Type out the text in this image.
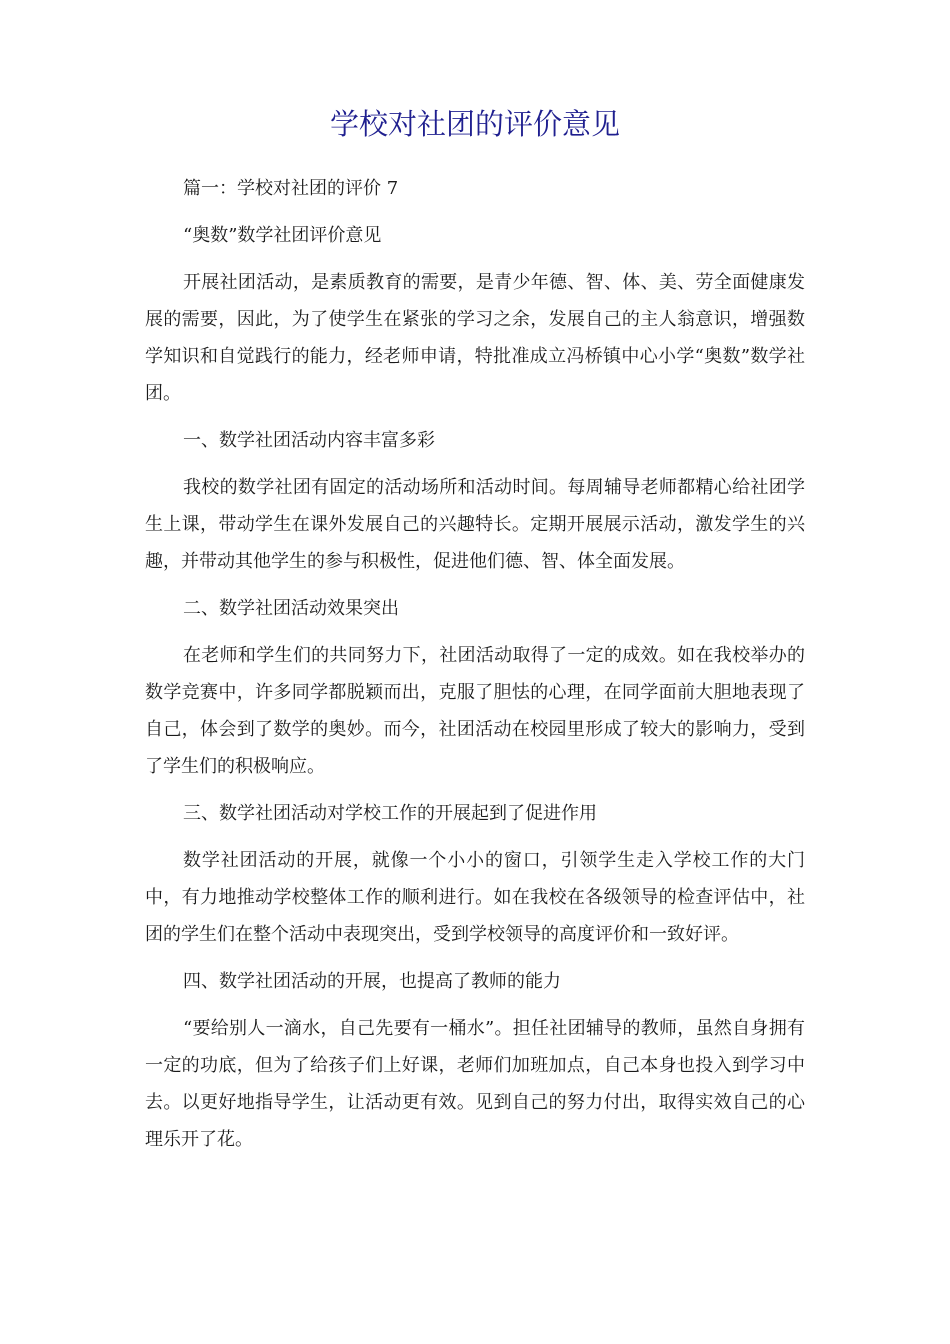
学校对社团的评价意见

篇一：学校对社团的评价 7

“奥数”数学社团评价意见

开展社团活动，是素质教育的需要，是青少年德、智、体、美、劳全面健康发展的需要，因此，为了使学生在紧张的学习之余，发展自己的主人翁意识，增强数学知识和自觉践行的能力，经老师申请，特批准成立冯桥镇中心小学“奥数”数学社团。

一、数学社团活动内容丰富多彩

我校的数学社团有固定的活动场所和活动时间。每周辅导老师都精心给社团学生上课，带动学生在课外发展自己的兴趣特长。定期开展展示活动，激发学生的兴趣，并带动其他学生的参与积极性，促进他们德、智、体全面发展。

二、数学社团活动效果突出

在老师和学生们的共同努力下，社团活动取得了一定的成效。如在我校举办的数学竞赛中，许多同学都脱颖而出，克服了胆怯的心理，在同学面前大胆地表现了自己，体会到了数学的奥妙。而今，社团活动在校园里形成了较大的影响力，受到了学生们的积极响应。

三、数学社团活动对学校工作的开展起到了促进作用

数学社团活动的开展，就像一个小小的窗口，引领学生走入学校工作的大门中，有力地推动学校整体工作的顺利进行。如在我校在各级领导的检查评估中，社团的学生们在整个活动中表现突出，受到学校领导的高度评价和一致好评。

四、数学社团活动的开展，也提高了教师的能力

“要给别人一滴水，自己先要有一桶水”。担任社团辅导的教师，虽然自身拥有一定的功底，但为了给孩子们上好课，老师们加班加点，自己本身也投入到学习中去。以更好地指导学生，让活动更有效。见到自己的努力付出，取得实效自己的心理乐开了花。
